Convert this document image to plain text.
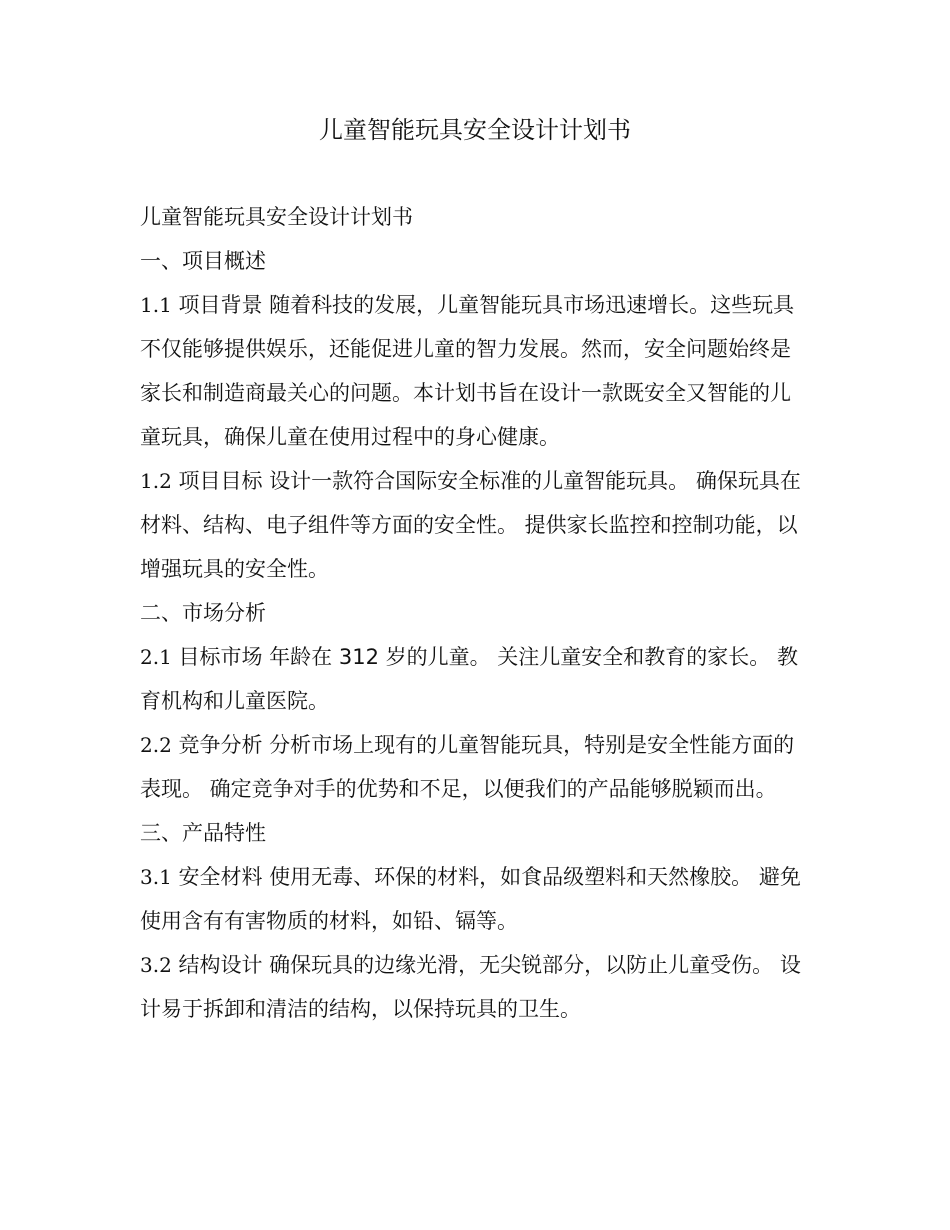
儿童智能玩具安全设计计划书

儿童智能玩具安全设计计划书

一、项目概述

1.1 项目背景 随着科技的发展，儿童智能玩具市场迅速增长。这些玩具不仅能够提供娱乐，还能促进儿童的智力发展。然而，安全问题始终是家长和制造商最关心的问题。本计划书旨在设计一款既安全又智能的儿童玩具，确保儿童在使用过程中的身心健康。

1.2 项目目标 设计一款符合国际安全标准的儿童智能玩具。 确保玩具在材料、结构、电子组件等方面的安全性。 提供家长监控和控制功能，以增强玩具的安全性。

二、市场分析

2.1 目标市场 年龄在 312 岁的儿童。 关注儿童安全和教育的家长。 教育机构和儿童医院。

2.2 竞争分析 分析市场上现有的儿童智能玩具，特别是安全性能方面的表现。 确定竞争对手的优势和不足，以便我们的产品能够脱颖而出。

三、产品特性

3.1 安全材料 使用无毒、环保的材料，如食品级塑料和天然橡胶。 避免使用含有有害物质的材料，如铅、镉等。

3.2 结构设计 确保玩具的边缘光滑，无尖锐部分，以防止儿童受伤。 设计易于拆卸和清洁的结构，以保持玩具的卫生。
